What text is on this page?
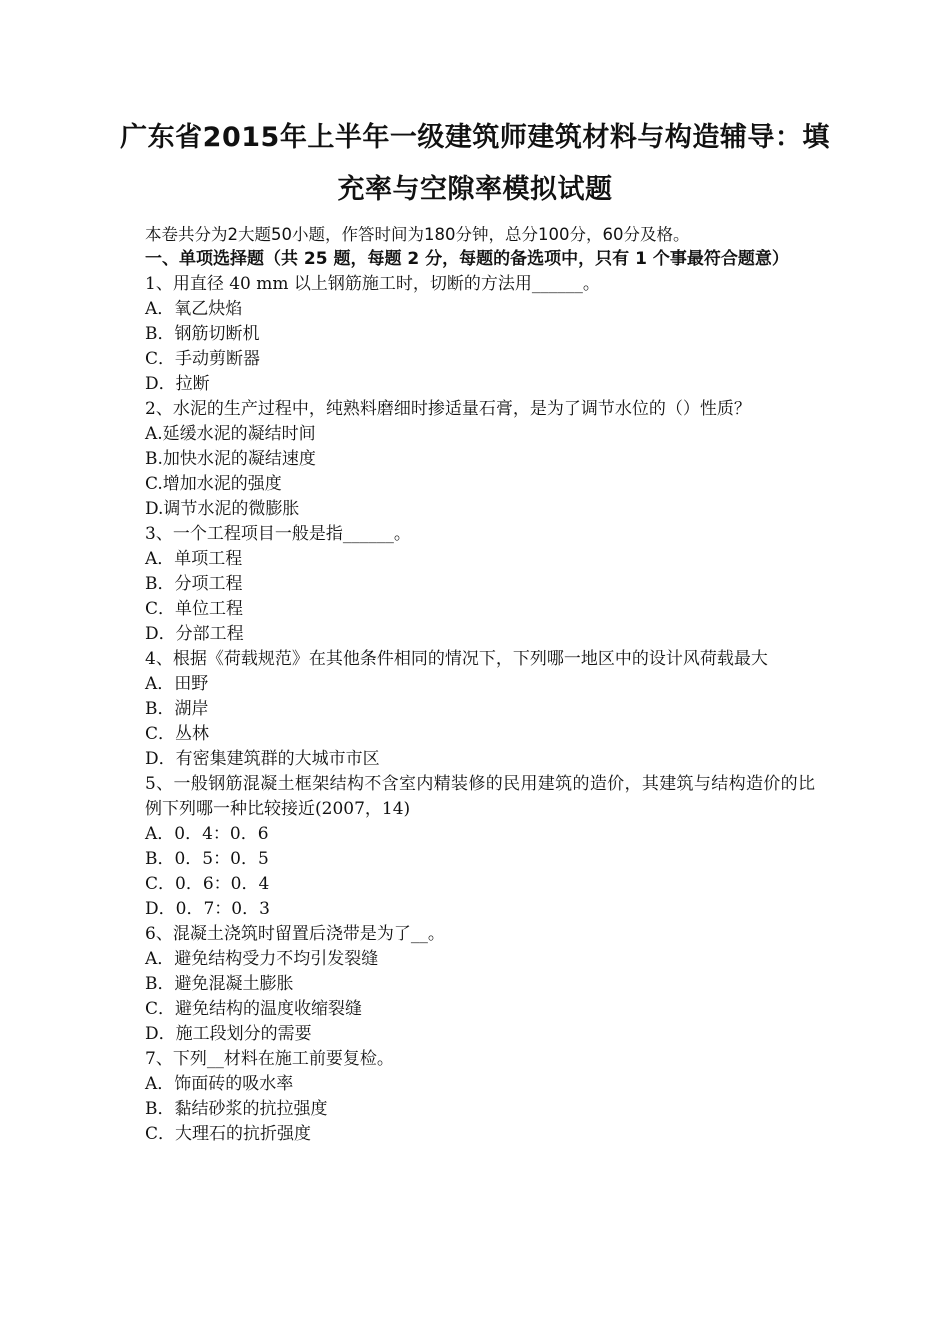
广东省2015年上半年一级建筑师建筑材料与构造辅导：填
充率与空隙率模拟试题
本卷共分为2大题50小题，作答时间为180分钟，总分100分，60分及格。
一、单项选择题（共 25 题，每题 2 分，每题的备选项中，只有 1 个事最符合题意）
1、用直径 40 mm 以上钢筋施工时，切断的方法用______。
A．氧乙炔焰
B．钢筋切断机
C．手动剪断器
D．拉断
2、水泥的生产过程中，纯熟料磨细时掺适量石膏，是为了调节水位的（）性质？
A.延缓水泥的凝结时间
B.加快水泥的凝结速度
C.增加水泥的强度
D.调节水泥的微膨胀
3、一个工程项目一般是指______。
A．单项工程
B．分项工程
C．单位工程
D．分部工程
4、根据《荷载规范》在其他条件相同的情况下，下列哪一地区中的设计风荷载最大
A．田野
B．湖岸
C．丛林
D．有密集建筑群的大城市市区
5、一般钢筋混凝土框架结构不含室内精装修的民用建筑的造价，其建筑与结构造价的比例下列哪一种比较接近(2007，14)
A．0．4：0．6
B．0．5：0．5
C．0．6：0．4
D．0．7：0．3
6、混凝土浇筑时留置后浇带是为了__。
A．避免结构受力不均引发裂缝
B．避免混凝土膨胀
C．避免结构的温度收缩裂缝
D．施工段划分的需要
7、下列__材料在施工前要复检。
A．饰面砖的吸水率
B．黏结砂浆的抗拉强度
C．大理石的抗折强度
